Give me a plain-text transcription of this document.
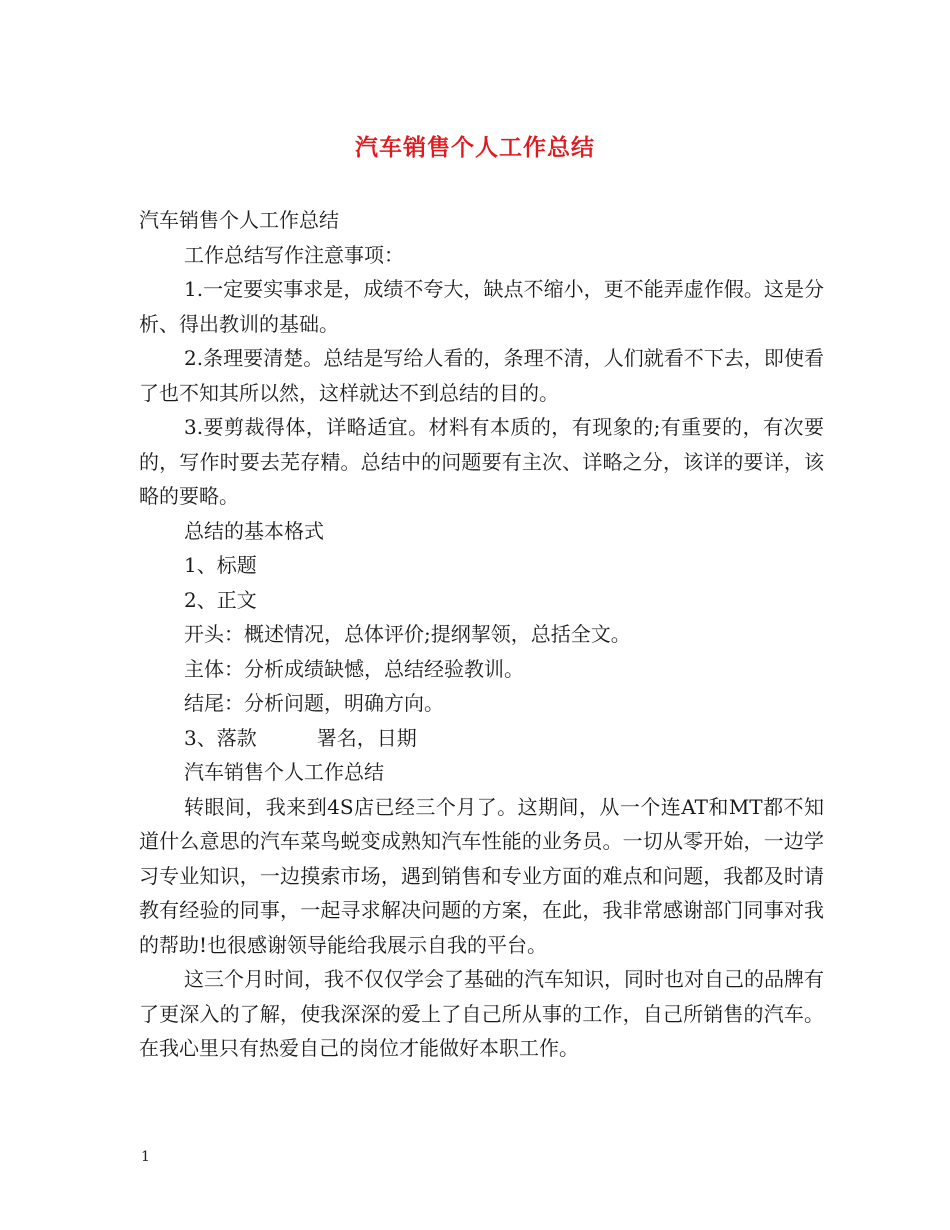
汽车销售个人工作总结

汽车销售个人工作总结

工作总结写作注意事项：

1.一定要实事求是，成绩不夸大，缺点不缩小，更不能弄虚作假。这是分析、得出教训的基础。

2.条理要清楚。总结是写给人看的，条理不清，人们就看不下去，即使看了也不知其所以然，这样就达不到总结的目的。

3.要剪裁得体，详略适宜。材料有本质的，有现象的;有重要的，有次要的，写作时要去芜存精。总结中的问题要有主次、详略之分，该详的要详，该略的要略。

总结的基本格式

1、标题

2、正文

开头：概述情况，总体评价;提纲挈领，总括全文。

主体：分析成绩缺憾，总结经验教训。

结尾：分析问题，明确方向。

3、落款　　　署名，日期

汽车销售个人工作总结

转眼间，我来到4S店已经三个月了。这期间，从一个连AT和MT都不知道什么意思的汽车菜鸟蜕变成熟知汽车性能的业务员。一切从零开始，一边学习专业知识，一边摸索市场，遇到销售和专业方面的难点和问题，我都及时请教有经验的同事，一起寻求解决问题的方案，在此，我非常感谢部门同事对我的帮助!也很感谢领导能给我展示自我的平台。

这三个月时间，我不仅仅学会了基础的汽车知识，同时也对自己的品牌有了更深入的了解，使我深深的爱上了自己所从事的工作，自己所销售的汽车。在我心里只有热爱自己的岗位才能做好本职工作。

1
